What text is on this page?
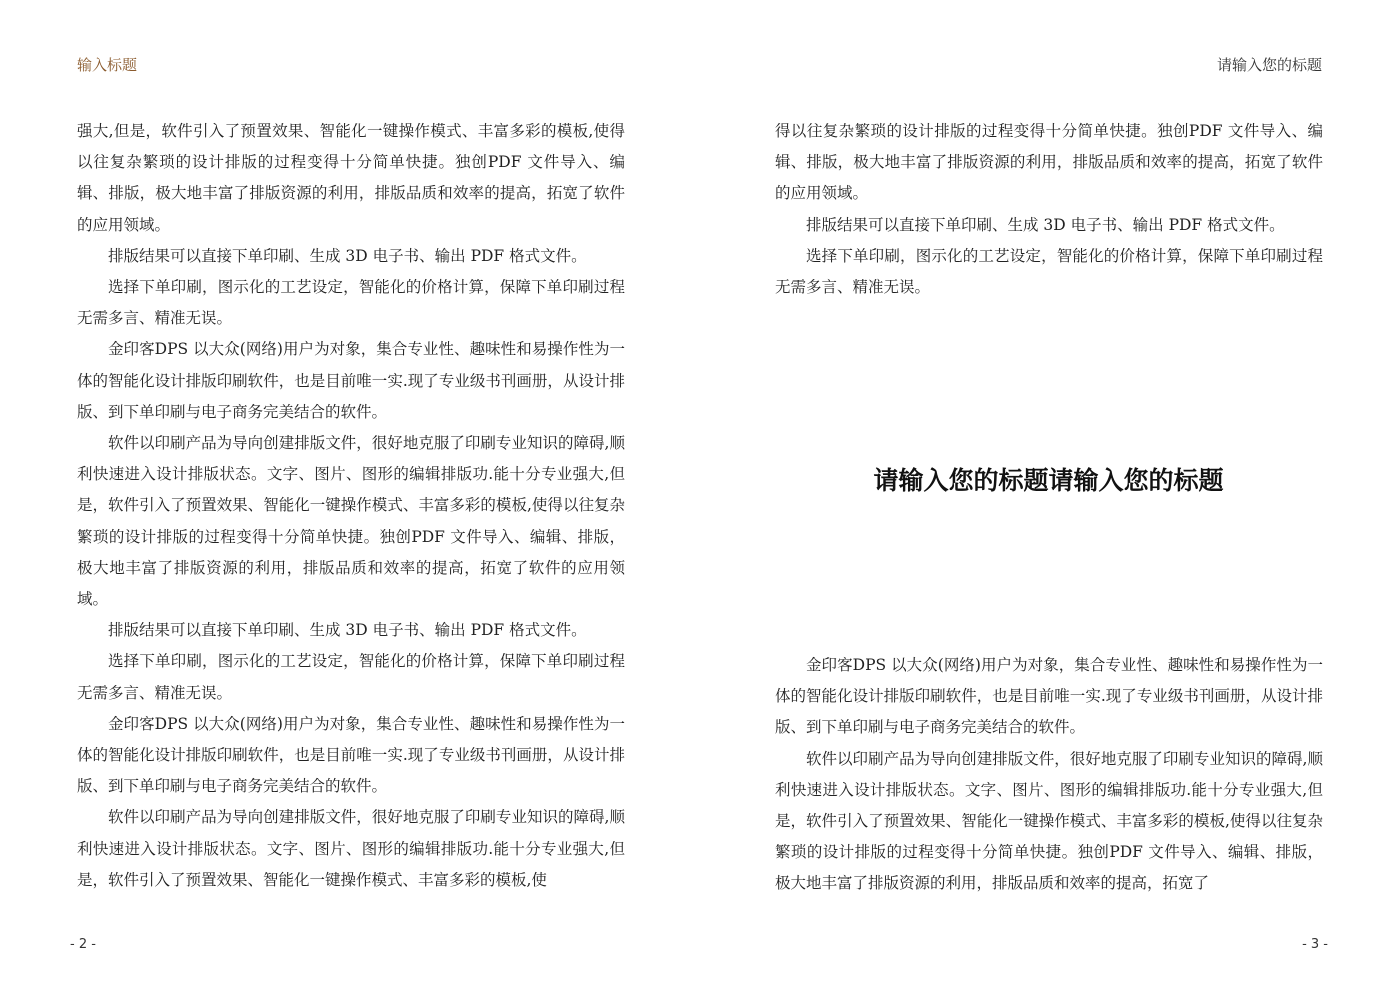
输入标题

强大,但是，软件引入了预置效果、智能化一键操作模式、丰富多彩的模板,使得以往复杂繁琐的设计排版的过程变得十分简单快捷。独创PDF 文件导入、编辑、排版，极大地丰富了排版资源的利用，排版品质和效率的提高，拓宽了软件的应用领域。

排版结果可以直接下单印刷、生成 3D 电子书、输出 PDF 格式文件。

选择下单印刷，图示化的工艺设定，智能化的价格计算，保障下单印刷过程无需多言、精准无误。

金印客DPS 以大众(网络)用户为对象，集合专业性、趣味性和易操作性为一体的智能化设计排版印刷软件，也是目前唯一实.现了专业级书刊画册，从设计排版、到下单印刷与电子商务完美结合的软件。

软件以印刷产品为导向创建排版文件，很好地克服了印刷专业知识的障碍,顺利快速进入设计排版状态。文字、图片、图形的编辑排版功.能十分专业强大,但是，软件引入了预置效果、智能化一键操作模式、丰富多彩的模板,使得以往复杂繁琐的设计排版的过程变得十分简单快捷。独创PDF 文件导入、编辑、排版，极大地丰富了排版资源的利用，排版品质和效率的提高，拓宽了软件的应用领域。

排版结果可以直接下单印刷、生成 3D 电子书、输出 PDF 格式文件。

选择下单印刷，图示化的工艺设定，智能化的价格计算，保障下单印刷过程无需多言、精准无误。

金印客DPS 以大众(网络)用户为对象，集合专业性、趣味性和易操作性为一体的智能化设计排版印刷软件，也是目前唯一实.现了专业级书刊画册，从设计排版、到下单印刷与电子商务完美结合的软件。

软件以印刷产品为导向创建排版文件，很好地克服了印刷专业知识的障碍,顺利快速进入设计排版状态。文字、图片、图形的编辑排版功.能十分专业强大,但是，软件引入了预置效果、智能化一键操作模式、丰富多彩的模板,使

- 2 -
请输入您的标题

得以往复杂繁琐的设计排版的过程变得十分简单快捷。独创PDF 文件导入、编辑、排版，极大地丰富了排版资源的利用，排版品质和效率的提高，拓宽了软件的应用领域。

排版结果可以直接下单印刷、生成 3D 电子书、输出 PDF 格式文件。

选择下单印刷，图示化的工艺设定，智能化的价格计算，保障下单印刷过程无需多言、精准无误。

请输入您的标题请输入您的标题

金印客DPS 以大众(网络)用户为对象，集合专业性、趣味性和易操作性为一体的智能化设计排版印刷软件，也是目前唯一实.现了专业级书刊画册，从设计排版、到下单印刷与电子商务完美结合的软件。

软件以印刷产品为导向创建排版文件，很好地克服了印刷专业知识的障碍,顺利快速进入设计排版状态。文字、图片、图形的编辑排版功.能十分专业强大,但是，软件引入了预置效果、智能化一键操作模式、丰富多彩的模板,使得以往复杂繁琐的设计排版的过程变得十分简单快捷。独创PDF 文件导入、编辑、排版，极大地丰富了排版资源的利用，排版品质和效率的提高，拓宽了

- 3 -
